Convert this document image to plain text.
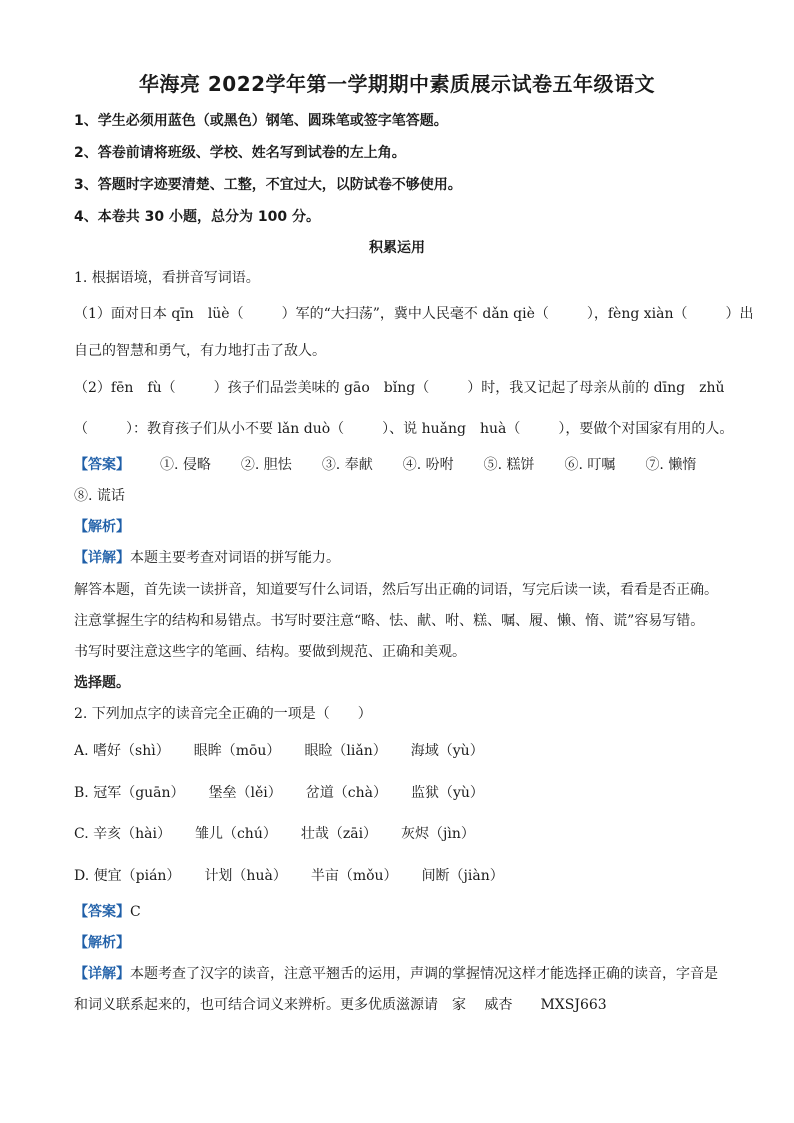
华海亮 2022学年第一学期期中素质展示试卷五年级语文
1、学生必须用蓝色（或黑色）钢笔、圆珠笔或签字笔答题。
2、答卷前请将班级、学校、姓名写到试卷的左上角。
3、答题时字迹要清楚、工整，不宜过大，以防试卷不够使用。
4、本卷共 30 小题，总分为 100 分。
积累运用
1. 根据语境，看拼音写词语。
（1）面对日本 qīn　lüè（	）军的“大扫荡”，冀中人民毫不 dǎn qiè（	），fèng xiàn（	）出
自己的智慧和勇气，有力地打击了敌人。
（2）fēn　fù（	）孩子们品尝美味的 gāo　bǐng（	）时，我又记起了母亲从前的 dīng　zhǔ
（	）：教育孩子们从小不要 lǎn duò（	）、说 huǎng　huà（	），要做个对国家有用的人。
【答案】 ①. 侵略 ②. 胆怯 ③. 奉献 ④. 吩咐 ⑤. 糕饼 ⑥. 叮嘱 ⑦. 懒惰
⑧. 谎话
【解析】
【详解】本题主要考查对词语的拼写能力。
解答本题，首先读一读拼音，知道要写什么词语，然后写出正确的词语，写完后读一读，看看是否正确。
注意掌握生字的结构和易错点。书写时要注意“略、怯、献、咐、糕、嘱、履、懒、惰、谎”容易写错。
书写时要注意这些字的笔画、结构。要做到规范、正确和美观。
选择题。
2. 下列加点字的读音完全正确的一项是（　　）
A. 嗜好（shì） 眼眸（mōu） 眼睑（liǎn） 海域（yù）
B. 冠军（guān） 堡垒（lěi） 岔道（chà） 监狱（yù）
C. 辛亥（hài） 雏儿（chú） 壮哉（zāi） 灰烬（jìn）
D. 便宜（pián） 计划（huà） 半亩（mǒu） 间断（jiàn）
【答案】C
【解析】
【详解】本题考查了汉字的读音，注意平翘舌的运用，声调的掌握情况这样才能选择正确的读音，字音是
和词义联系起来的，也可结合词义来辨析。更多优质滋源请　家　 威杏　　MXSJ663
